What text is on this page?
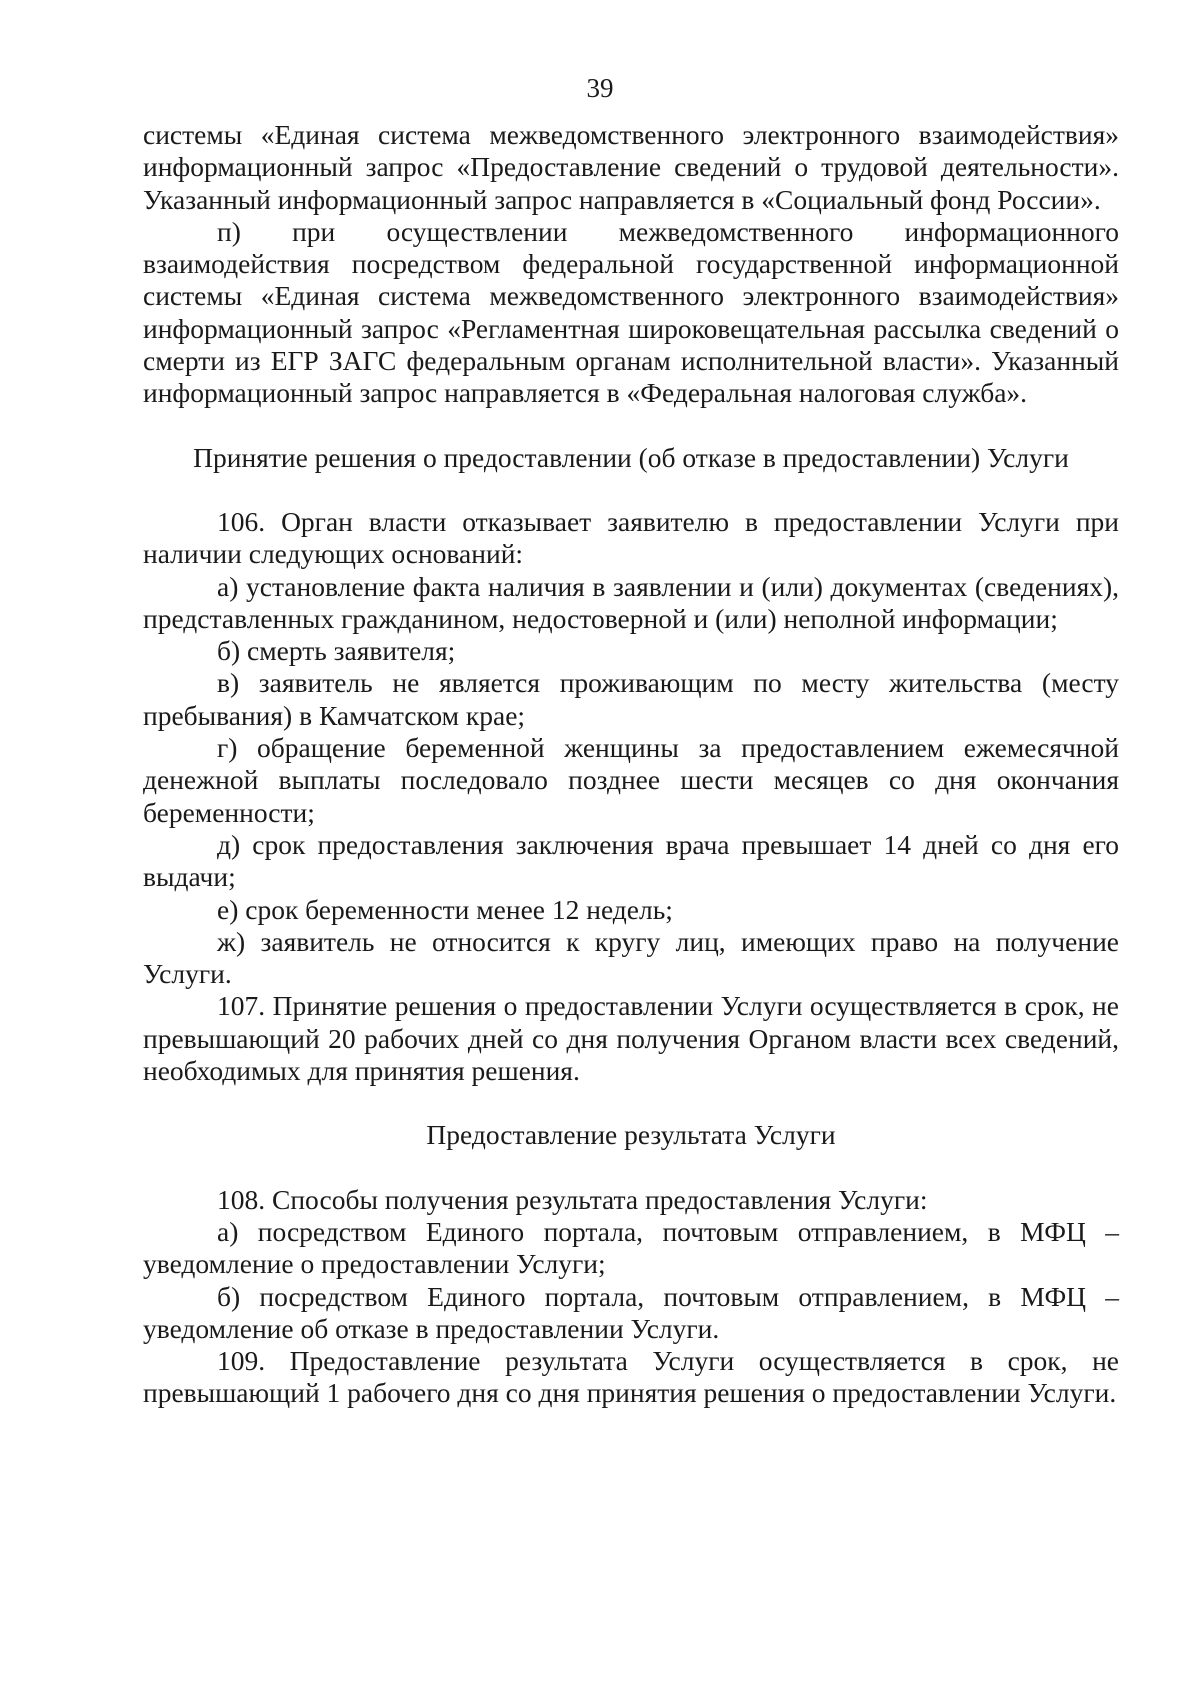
39

системы «Единая система межведомственного электронного взаимодействия» информационный запрос «Предоставление сведений о трудовой деятельности». Указанный информационный запрос направляется в «Социальный фонд России».

п) при осуществлении межведомственного информационного взаимодействия посредством федеральной государственной информационной системы «Единая система межведомственного электронного взаимодействия» информационный запрос «Регламентная широковещательная рассылка сведений о смерти из ЕГР ЗАГС федеральным органам исполнительной власти». Указанный информационный запрос направляется в «Федеральная налоговая служба».

Принятие решения о предоставлении (об отказе в предоставлении) Услуги

106. Орган власти отказывает заявителю в предоставлении Услуги при наличии следующих оснований:

а) установление факта наличия в заявлении и (или) документах (сведениях), представленных гражданином, недостоверной и (или) неполной информации;

б) смерть заявителя;

в) заявитель не является проживающим по месту жительства (месту пребывания) в Камчатском крае;

г) обращение беременной женщины за предоставлением ежемесячной денежной выплаты последовало позднее шести месяцев со дня окончания беременности;

д) срок предоставления заключения врача превышает 14 дней со дня его выдачи;

е) срок беременности менее 12 недель;

ж) заявитель не относится к кругу лиц, имеющих право на получение Услуги.

107. Принятие решения о предоставлении Услуги осуществляется в срок, не превышающий 20 рабочих дней со дня получения Органом власти всех сведений, необходимых для принятия решения.

Предоставление результата Услуги

108. Способы получения результата предоставления Услуги:

а) посредством Единого портала, почтовым отправлением, в МФЦ – уведомление о предоставлении Услуги;

б) посредством Единого портала, почтовым отправлением, в МФЦ – уведомление об отказе в предоставлении Услуги.

109. Предоставление результата Услуги осуществляется в срок, не превышающий 1 рабочего дня со дня принятия решения о предоставлении Услуги.
